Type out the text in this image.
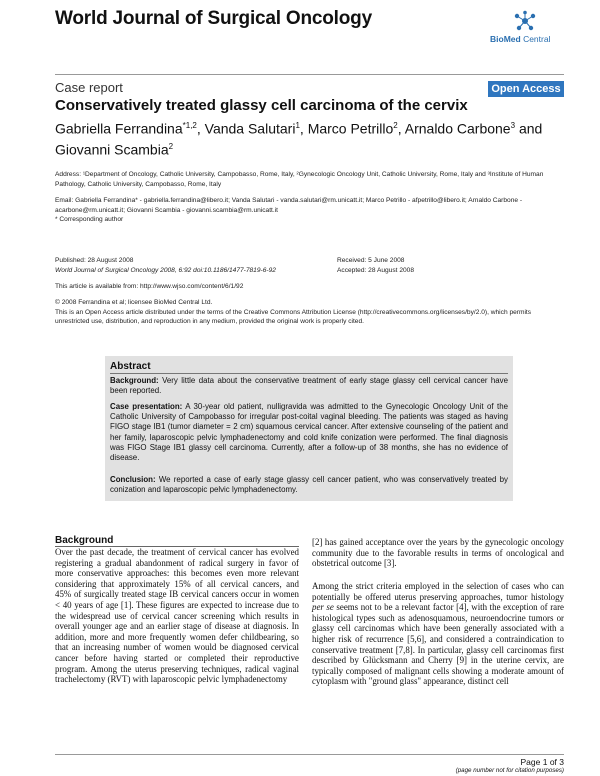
World Journal of Surgical Oncology
BioMed Central
Case report	Open Access
Conservatively treated glassy cell carcinoma of the cervix
Gabriella Ferrandina$^{*1,2}$, Vanda Salutari$^1$, Marco Petrillo$^2$, Arnaldo Carbone$^3$ and Giovanni Scambia$^2$
Address: ¹Department of Oncology, Catholic University, Campobasso, Rome, Italy, ²Gynecologic Oncology Unit, Catholic University, Rome, Italy and ³Institute of Human Pathology, Catholic University, Campobasso, Rome, Italy
Email: Gabriella Ferrandina* - gabriella.ferrandina@libero.it; Vanda Salutari - vanda.salutari@rm.unicatt.it; Marco Petrillo - afpetrillo@libero.it; Arnaldo Carbone - acarbone@rm.unicatt.it; Giovanni Scambia - giovanni.scambia@rm.unicatt.it
* Corresponding author
Published: 28 August 2008
World Journal of Surgical Oncology 2008, 6:92 doi:10.1186/1477-7819-6-92
Received: 5 June 2008
Accepted: 28 August 2008
This article is available from: http://www.wjso.com/content/6/1/92
© 2008 Ferrandina et al; licensee BioMed Central Ltd.
This is an Open Access article distributed under the terms of the Creative Commons Attribution License (http://creativecommons.org/licenses/by/2.0), which permits unrestricted use, distribution, and reproduction in any medium, provided the original work is properly cited.
Abstract
Background: Very little data about the conservative treatment of early stage glassy cell cervical cancer have been reported.
Case presentation: A 30-year old patient, nulligravida was admitted to the Gynecologic Oncology Unit of the Catholic University of Campobasso for irregular post-coital vaginal bleeding. The patients was staged as having FIGO stage IB1 (tumor diameter = 2 cm) squamous cervical cancer. After extensive counseling of the patient and her family, laparoscopic pelvic lymphadenectomy and cold knife conization were performed. The final diagnosis was FIGO Stage IB1 glassy cell carcinoma. Currently, after a follow-up of 38 months, she has no evidence of disease.
Conclusion: We reported a case of early stage glassy cell cancer patient, who was conservatively treated by conization and laparoscopic pelvic lymphadenectomy.
Background
Over the past decade, the treatment of cervical cancer has evolved registering a gradual abandonment of radical surgery in favor of more conservative approaches: this becomes even more relevant considering that approximately 15% of all cervical cancers, and 45% of surgically treated stage IB cervical cancers occur in women < 40 years of age [1]. These figures are expected to increase due to the widespread use of cervical cancer screening which results in overall younger age and an earlier stage of disease at diagnosis. In addition, more and more frequently women defer childbearing, so that an increasing number of women would be diagnosed cervical cancer before having started or completed their reproductive program. Among the uterus preserving techniques, radical vaginal trachelectomy (RVT) with laparoscopic pelvic lymphadenectomy
[2] has gained acceptance over the years by the gynecologic oncology community due to the favorable results in terms of oncological and obstetrical outcome [3].
Among the strict criteria employed in the selection of cases who can potentially be offered uterus preserving approaches, tumor histology per se seems not to be a relevant factor [4], with the exception of rare histological types such as adenosquamous, neuroendocrine tumors or glassy cell carcinomas which have been generally associated with a higher risk of recurrence [5,6], and considered a contraindication to conservative treatment [7,8]. In particular, glassy cell carcinomas first described by Glücksmann and Cherry [9] in the uterine cervix, are typically composed of malignant cells showing a moderate amount of cytoplasm with "ground glass" appearance, distinct cell
Page 1 of 3
(page number not for citation purposes)
